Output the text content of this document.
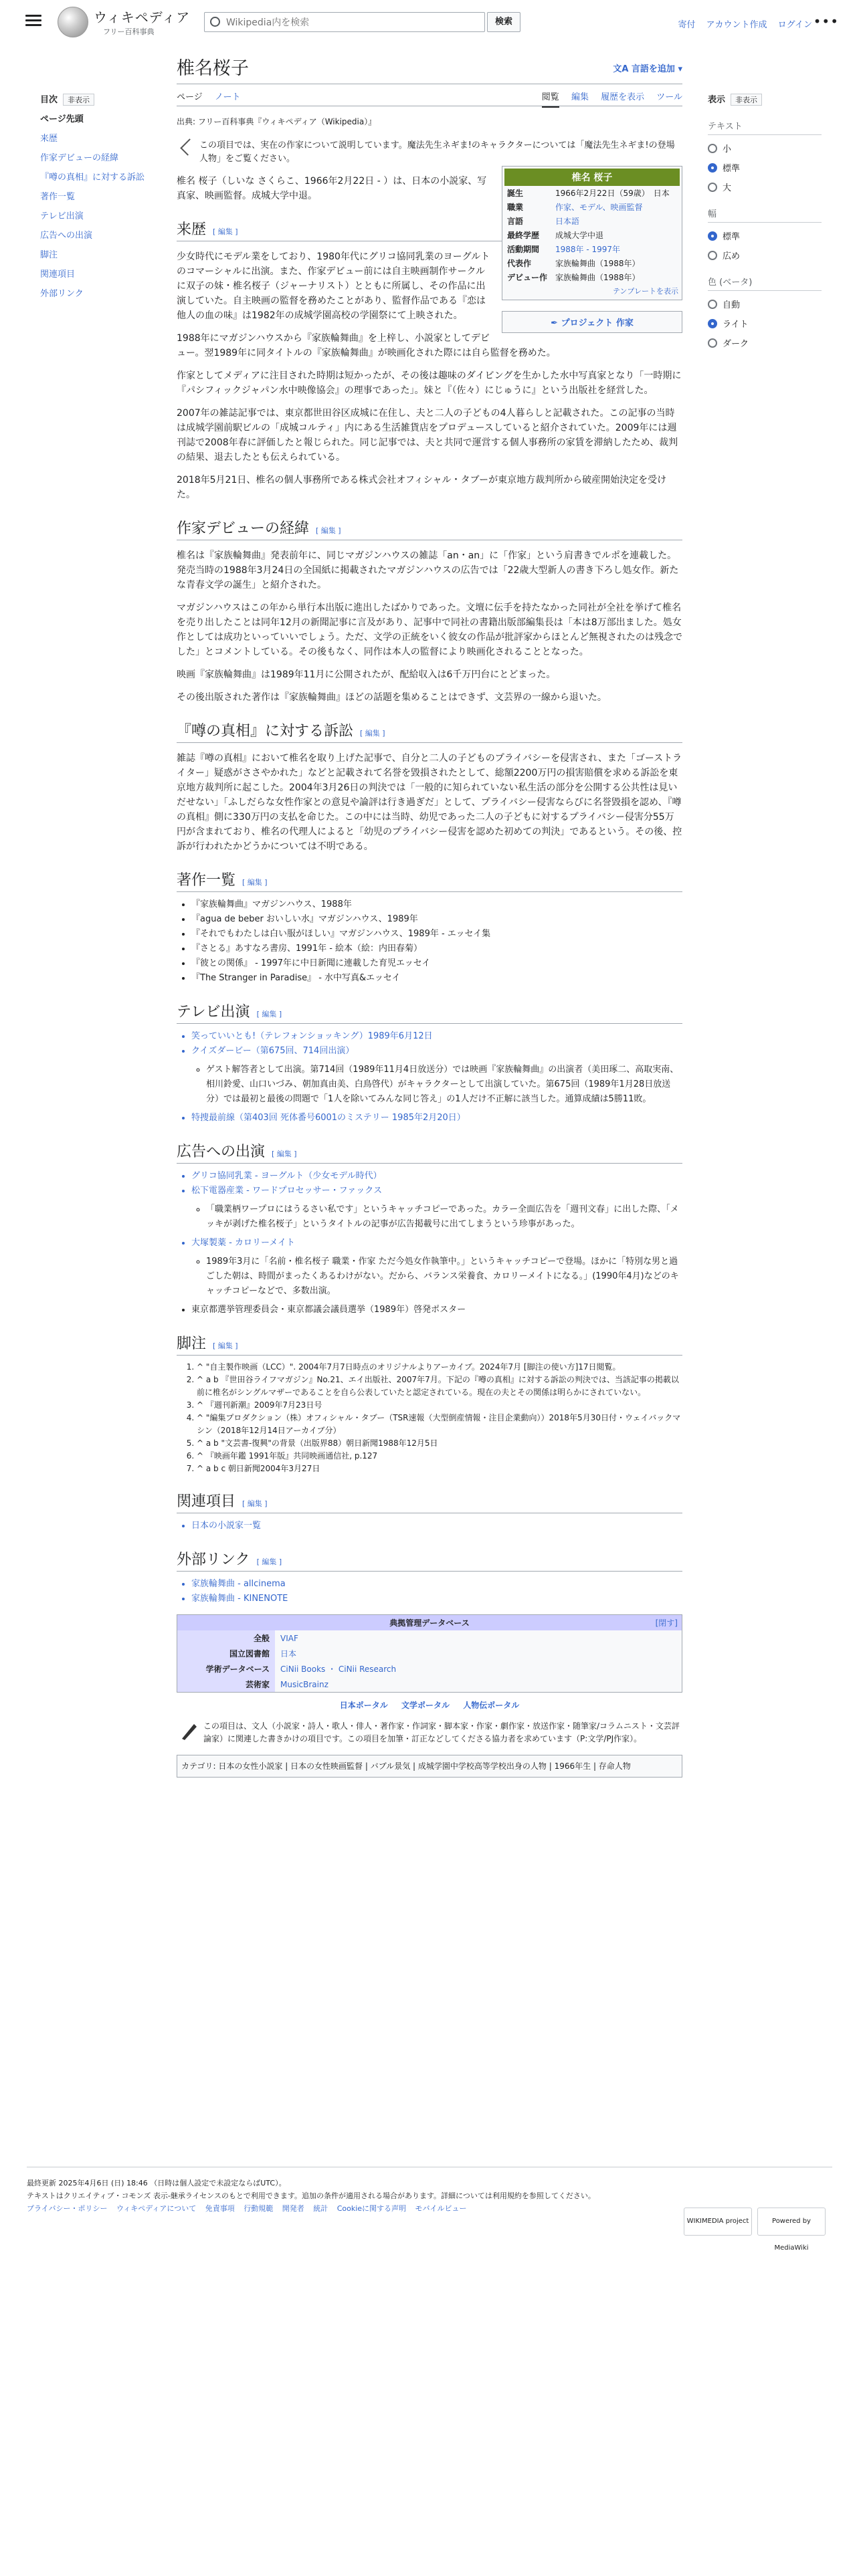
ウィキペディア
フリー百科事典
Wikipedia内を検索
検索	寄付 アカウント作成 ログイン •••
目次 非表示
ページ先頭
来歴
作家デビューの経緯
『噂の真相』に対する訴訟
著作一覧
テレビ出演
広告への出演
脚注
関連項目
外部リンク
表示 非表示
テキスト
小
標準
大
幅
標準
広め
色 (ベータ)
自動
ライト
ダーク
椎名桜子	文A 言語を追加 ▾
ページ ノート	閲覧 編集 履歴を表示 ツール
出典: フリー百科事典『ウィキペディア（Wikipedia）』
この項目では、実在の作家について説明しています。魔法先生ネギま!のキャラクターについては「魔法先生ネギま!の登場人物」をご覧ください。
椎名 桜子
誕生	1966年2月22日（59歳）　日本
職業	作家、モデル、映画監督
言語	日本語
最終学歴	成城大学中退
活動期間	1988年 - 1997年
代表作	家族輪舞曲（1988年）
デビュー作	家族輪舞曲（1988年）
テンプレートを表示
✒ プロジェクト 作家

椎名 桜子（しいな さくらこ、1966年2月22日 - ）は、日本の小説家、写真家、映画監督。成城大学中退。

来歴 [ 編集 ]

少女時代にモデル業をしており、1980年代にグリコ協同乳業のヨーグルトのコマーシャルに出演。また、作家デビュー前には自主映画制作サークルに双子の妹・椎名桜子（ジャーナリスト）とともに所属し、その作品に出演していた。自主映画の監督を務めたことがあり、監督作品である『恋は他人の血の味』は1982年の成城学園高校の学園祭にて上映された。

1988年にマガジンハウスから『家族輪舞曲』を上梓し、小説家としてデビュー。翌1989年に同タイトルの『家族輪舞曲』が映画化された際には自ら監督を務めた。

作家としてメディアに注目された時期は短かったが、その後は趣味のダイビングを生かした水中写真家となり「一時期に『パシフィックジャパン水中映像協会』の理事であった」。妹と『（佐々）にじゅうに』という出版社を経営した。

2007年の雑誌記事では、東京都世田谷区成城に在住し、夫と二人の子どもの4人暮らしと記載された。この記事の当時は成城学園前駅ビルの「成城コルティ」内にある生活雑貨店をプロデュースしていると紹介されていた。2009年には週刊誌で2008年春に評価したと報じられた。同じ記事では、夫と共同で運営する個人事務所の家賃を滞納したため、裁判の結果、退去したとも伝えられている。

2018年5月21日、椎名の個人事務所である株式会社オフィシャル・タブーが東京地方裁判所から破産開始決定を受けた。

作家デビューの経緯 [ 編集 ]

椎名は『家族輪舞曲』発表前年に、同じマガジンハウスの雑誌「an・an」に「作家」という肩書きでルポを連載した。発売当時の1988年3月24日の全国紙に掲載されたマガジンハウスの広告では「22歳大型新人の書き下ろし処女作。新たな青春文学の誕生」と紹介された。

マガジンハウスはこの年から単行本出版に進出したばかりであった。文壇に伝手を持たなかった同社が全社を挙げて椎名を売り出したことは同年12月の新聞記事に言及があり、記事中で同社の書籍出版部編集長は「本は8万部出ました。処女作としては成功といっていいでしょう。ただ、文学の正統をいく彼女の作品が批評家からほとんど無視されたのは残念でした」とコメントしている。その後もなく、同作は本人の監督により映画化されることとなった。

映画『家族輪舞曲』は1989年11月に公開されたが、配給収入は6千万円台にとどまった。

その後出版された著作は『家族輪舞曲』ほどの話題を集めることはできず、文芸界の一線から退いた。

『噂の真相』に対する訴訟 [ 編集 ]

雑誌『噂の真相』において椎名を取り上げた記事で、自分と二人の子どものプライバシーを侵害され、また「ゴーストライター」疑惑がささやかれた」などと記載されて名誉を毀損されたとして、総額2200万円の損害賠償を求める訴訟を東京地方裁判所に起こした。2004年3月26日の判決では「一般的に知られていない私生活の部分を公開する公共性は見いだせない」「ふしだらな女性作家との意見や論評は行き過ぎだ」として、プライバシー侵害ならびに名誉毀損を認め、『噂の真相』側に330万円の支払を命じた。この中には当時、幼児であった二人の子どもに対するプライバシー侵害分55万円が含まれており、椎名の代理人によると「幼児のプライバシー侵害を認めた初めての判決」であるという。その後、控訴が行われたかどうかについては不明である。

著作一覧 [ 編集 ]
• 『家族輪舞曲』マガジンハウス、1988年
• 『agua de beber おいしい水』マガジンハウス、1989年
• 『それでもわたしは白い服がほしい』マガジンハウス、1989年 - エッセイ集
• 『さとる』あすなろ書房、1991年 - 絵本（絵：内田春菊）
• 『彼との関係』 - 1997年に中日新聞に連載した育児エッセイ
• 『The Stranger in Paradise』 - 水中写真&エッセイ
テレビ出演 [ 編集 ]
• 笑っていいとも!（テレフォンショッキング）1989年6月12日
• クイズダービー（第675回、714回出演）
◦ ゲスト解答者として出演。第714回（1989年11月4日放送分）では映画『家族輪舞曲』の出演者（美田琢二、高取実南、相川鈴愛、山口いづみ、朝加真由美、白鳥啓代）がキャラクターとして出演していた。第675回（1989年1月28日放送分）では最初と最後の問題で「1人を除いてみんな同じ答え」の1人だけ不正解に該当した。通算成績は5勝11敗。
• 特捜最前線（第403回 死体番号6001のミステリー 1985年2月20日）
広告への出演 [ 編集 ]
• グリコ協同乳業 - ヨーグルト（少女モデル時代）
• 松下電器産業 - ワードプロセッサー・ファックス
◦ 「職業柄ワープロにはうるさい私です」というキャッチコピーであった。カラー全面広告を「週刊文春」に出した際、「メッキが剥げた椎名桜子」というタイトルの記事が広告掲載号に出てしまうという珍事があった。
• 大塚製薬 - カロリーメイト
◦ 1989年3月に「名前・椎名桜子 職業・作家 ただ今処女作執筆中。」というキャッチコピーで登場。ほかに「特別な男と過ごした朝は、時間がまったくあるわけがない。だから、バランス栄養食、カロリーメイトになる。」(1990年4月)などのキャッチコピーなどで、多数出演。
• 東京都選挙管理委員会・東京都議会議員選挙（1989年）啓発ポスター
脚注 [ 編集 ]
1. ^ "自主製作映画（LCC）". 2004年7月7日時点のオリジナルよりアーカイブ。2024年7月 [脚注の使い方]17日閲覧。
2. ^ a b 『世田谷ライフマガジン』No.21、エイ出版社、2007年7月。下記の『噂の真相』に対する訴訟の判決では、当該記事の掲載以前に椎名がシングルマザーであることを自ら公表していたと認定されている。現在の夫とその関係は明らかにされていない。
3. ^ 『週刊新潮』2009年7月23日号
4. ^ "編集プロダクション（株）オフィシャル・タブー（TSR速報（大型倒産情報・注目企業動向））2018年5月30日付・ウェイバックマシン（2018年12月14日アーカイブ分）
5. ^ a b "文芸書-復興"の背景（出版界88）朝日新聞1988年12月5日
6. ^ 『映画年鑑 1991年版』共同映画通信社, p.127
7. ^ a b c 朝日新聞2004年3月27日
関連項目 [ 編集 ]
• 日本の小説家一覧
外部リンク [ 編集 ]
• 家族輪舞曲 - allcinema
• 家族輪舞曲 - KINENOTE
典拠管理データベース	[閉す]
全般	VIAF
国立図書館	日本
学術データベース	CiNii Books ・ CiNii Research
芸術家	MusicBrainz
日本ポータル 文学ポータル 人物伝ポータル
この項目は、文人（小説家・詩人・歌人・俳人・著作家・作詞家・脚本家・作家・劇作家・放送作家・随筆家/コラムニスト・文芸評論家）に関連した書きかけの項目です。この項目を加筆・訂正などしてくださる協力者を求めています（P:文学/PJ作家）。
カテゴリ: 日本の女性小説家 | 日本の女性映画監督 | バブル景気 | 成城学園中学校高等学校出身の人物 | 1966年生 | 存命人物
最終更新 2025年4月6日 (日) 18:46 （日時は個人設定で未設定ならばUTC）。
テキストはクリエイティブ・コモンズ 表示-継承ライセンスのもとで利用できます。追加の条件が適用される場合があります。詳細については利用規約を参照してください。
プライバシー・ポリシー ウィキペディアについて 免責事項 行動規範 開発者 統計 Cookieに関する声明 モバイルビュー
WIKIMEDIA project	Powered by MediaWiki
